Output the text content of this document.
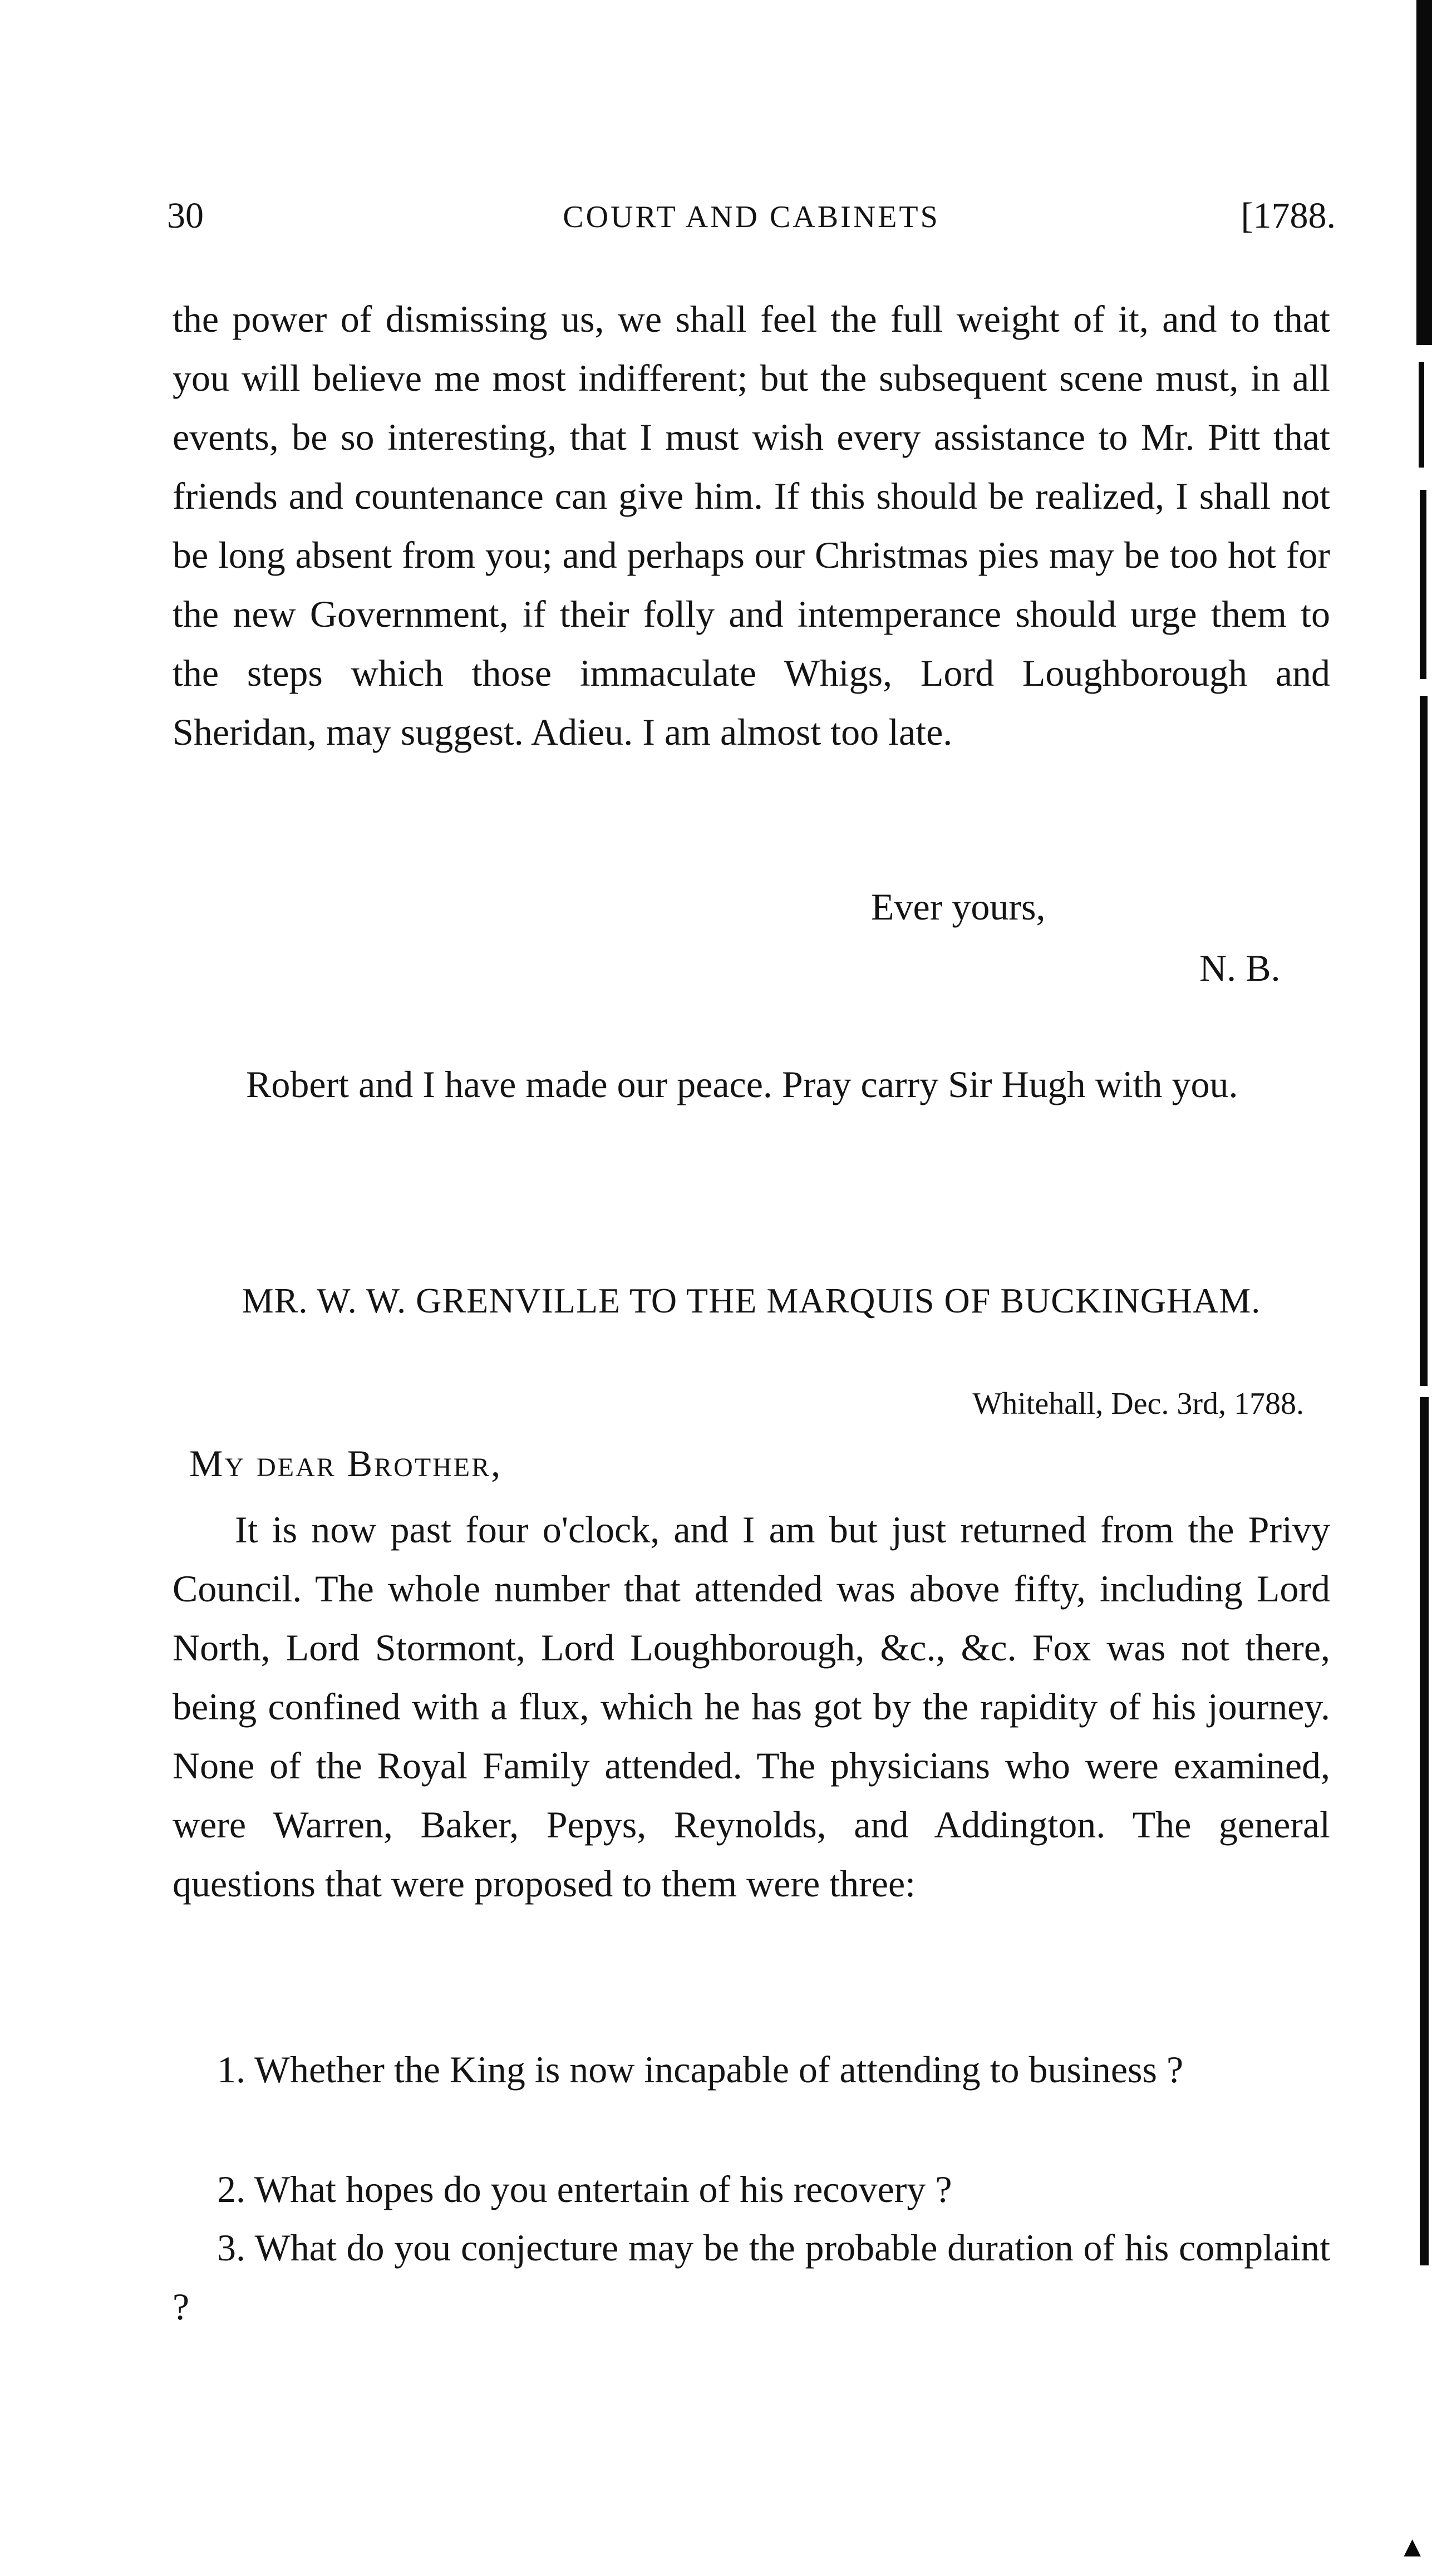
30	COURT AND CABINETS	[1788.

the power of dismissing us, we shall feel the full weight of it, and to that you will believe me most indifferent; but the subsequent scene must, in all events, be so interesting, that I must wish every assistance to Mr. Pitt that friends and countenance can give him. If this should be realized, I shall not be long absent from you; and perhaps our Christmas pies may be too hot for the new Government, if their folly and intemperance should urge them to the steps which those immaculate Whigs, Lord Loughborough and Sheridan, may suggest. Adieu. I am almost too late.

Ever yours,
N. B.

Robert and I have made our peace. Pray carry Sir Hugh with you.

MR. W. W. GRENVILLE TO THE MARQUIS OF BUCKINGHAM.
Whitehall, Dec. 3rd, 1788.
My dear Brother,

It is now past four o'clock, and I am but just returned from the Privy Council. The whole number that attended was above fifty, including Lord North, Lord Stormont, Lord Loughborough, &c., &c. Fox was not there, being confined with a flux, which he has got by the rapidity of his journey. None of the Royal Family attended. The physicians who were examined, were Warren, Baker, Pepys, Reynolds, and Addington. The general questions that were proposed to them were three:

1. Whether the King is now incapable of attending to business ?

2. What hopes do you entertain of his recovery ?

3. What do you conjecture may be the probable duration of his complaint ?

▲
